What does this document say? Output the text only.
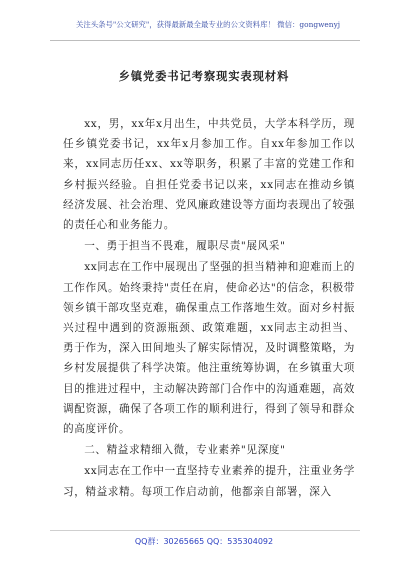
关注头条号"公文研究"，获得最新最全最专业的公文资料库！ 微信：gongwenyj
乡镇党委书记考察现实表现材料

xx，男，xx年x月出生，中共党员，大学本科学历，现任乡镇党委书记，xx年x月参加工作。自xx年参加工作以来，xx同志历任xx、xx等职务，积累了丰富的党建工作和乡村振兴经验。自担任党委书记以来，xx同志在推动乡镇经济发展、社会治理、党风廉政建设等方面均表现出了较强的责任心和业务能力。

一、勇于担当不畏难，履职尽责"展风采"

xx同志在工作中展现出了坚强的担当精神和迎难而上的工作作风。始终秉持"责任在肩，使命必达"的信念，积极带领乡镇干部攻坚克难，确保重点工作落地生效。面对乡村振兴过程中遇到的资源瓶颈、政策难题，xx同志主动担当、勇于作为，深入田间地头了解实际情况，及时调整策略，为乡村发展提供了科学决策。他注重统筹协调，在乡镇重大项目的推进过程中，主动解决跨部门合作中的沟通难题，高效调配资源，确保了各项工作的顺利进行，得到了领导和群众的高度评价。

二、精益求精细入微，专业素养"见深度"

xx同志在工作中一直坚持专业素养的提升，注重业务学习，精益求精。每项工作启动前，他都亲自部署，深入

QQ群：30265665 QQ：535304092
